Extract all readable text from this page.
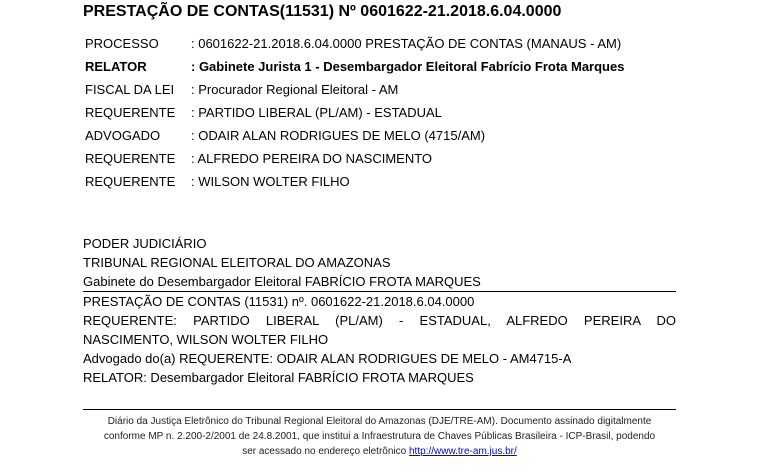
PRESTAÇÃO DE CONTAS(11531) Nº 0601622-21.2018.6.04.0000
PROCESSO	: 0601622-21.2018.6.04.0000 PRESTAÇÃO DE CONTAS (MANAUS - AM)
RELATOR	: Gabinete Jurista 1 - Desembargador Eleitoral Fabrício Frota Marques
FISCAL DA LEI	: Procurador Regional Eleitoral - AM
REQUERENTE	: PARTIDO LIBERAL (PL/AM) - ESTADUAL
ADVOGADO	: ODAIR ALAN RODRIGUES DE MELO (4715/AM)
REQUERENTE	: ALFREDO PEREIRA DO NASCIMENTO
REQUERENTE	: WILSON WOLTER FILHO
PODER JUDICIÁRIO
TRIBUNAL REGIONAL ELEITORAL DO AMAZONAS
Gabinete do Desembargador Eleitoral FABRÍCIO FROTA MARQUES
PRESTAÇÃO DE CONTAS (11531) nº. 0601622-21.2018.6.04.0000
REQUERENTE: PARTIDO LIBERAL (PL/AM) - ESTADUAL, ALFREDO PEREIRA DO
NASCIMENTO, WILSON WOLTER FILHO
Advogado do(a) REQUERENTE: ODAIR ALAN RODRIGUES DE MELO - AM4715-A
RELATOR: Desembargador Eleitoral FABRÍCIO FROTA MARQUES
Diário da Justiça Eletrônico do Tribunal Regional Eleitoral do Amazonas (DJE/TRE-AM). Documento assinado digitalmente
conforme MP n. 2.200-2/2001 de 24.8.2001, que institui a Infraestrutura de Chaves Públicas Brasileira - ICP-Brasil, podendo
ser acessado no endereço eletrônico http://www.tre-am.jus.br/
